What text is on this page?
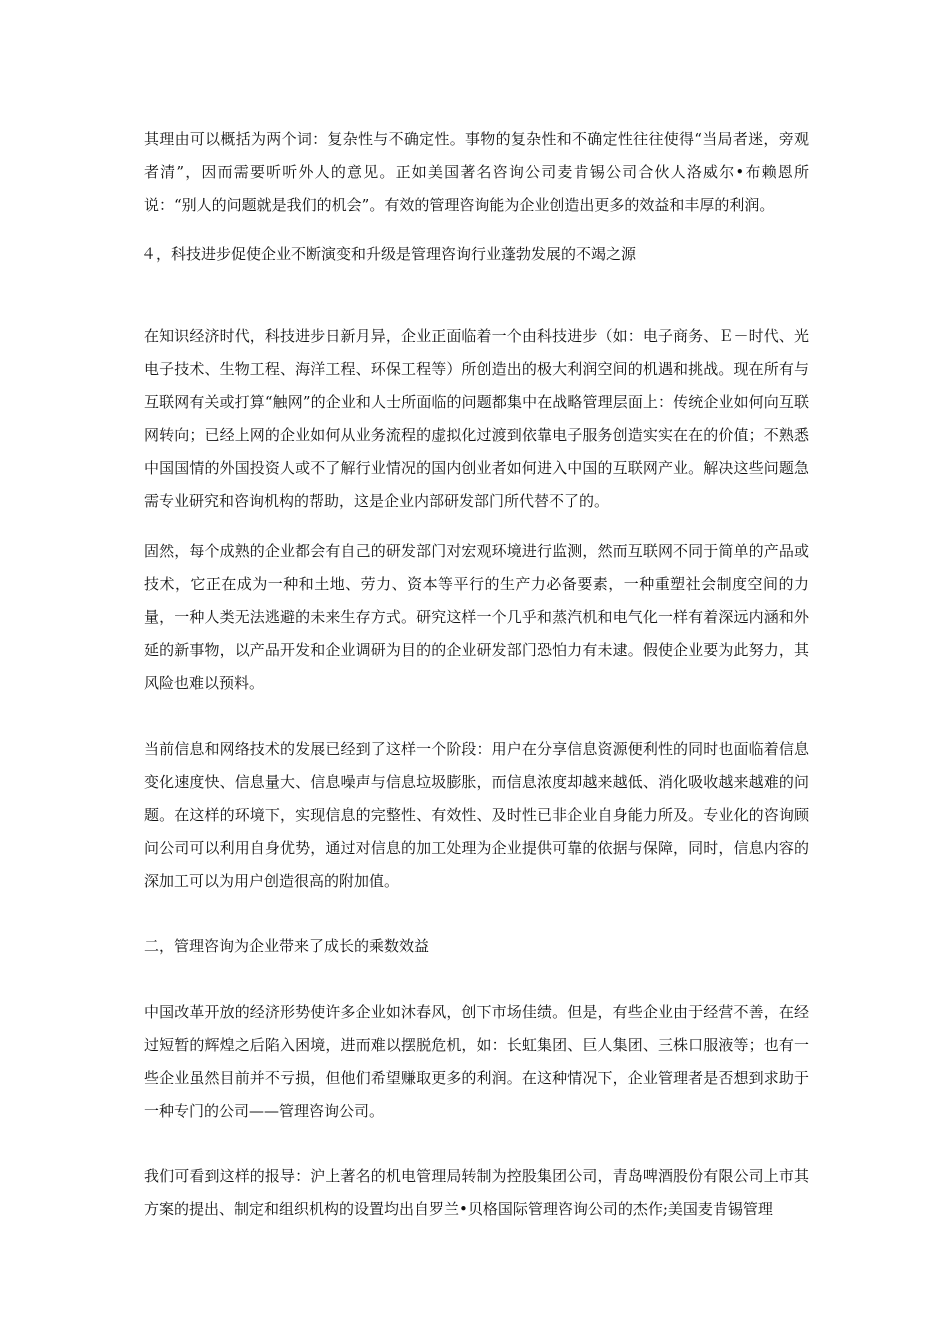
其理由可以概括为两个词：复杂性与不确定性。事物的复杂性和不确定性往往使得“当局者迷，旁观者清”，因而需要听听外人的意见。正如美国著名咨询公司麦肯锡公司合伙人洛威尔•布赖恩所说：“别人的问题就是我们的机会”。有效的管理咨询能为企业创造出更多的效益和丰厚的利润。

４，科技进步促使企业不断演变和升级是管理咨询行业蓬勃发展的不竭之源

在知识经济时代，科技进步日新月异，企业正面临着一个由科技进步（如：电子商务、Ｅ－时代、光电子技术、生物工程、海洋工程、环保工程等）所创造出的极大利润空间的机遇和挑战。现在所有与互联网有关或打算“触网”的企业和人士所面临的问题都集中在战略管理层面上：传统企业如何向互联网转向；已经上网的企业如何从业务流程的虚拟化过渡到依靠电子服务创造实实在在的价值；不熟悉中国国情的外国投资人或不了解行业情况的国内创业者如何进入中国的互联网产业。解决这些问题急需专业研究和咨询机构的帮助，这是企业内部研发部门所代替不了的。

固然，每个成熟的企业都会有自己的研发部门对宏观环境进行监测，然而互联网不同于简单的产品或技术，它正在成为一种和土地、劳力、资本等平行的生产力必备要素，一种重塑社会制度空间的力量，一种人类无法逃避的未来生存方式。研究这样一个几乎和蒸汽机和电气化一样有着深远内涵和外延的新事物，以产品开发和企业调研为目的的企业研发部门恐怕力有未逮。假使企业要为此努力，其风险也难以预料。

当前信息和网络技术的发展已经到了这样一个阶段：用户在分享信息资源便利性的同时也面临着信息变化速度快、信息量大、信息噪声与信息垃圾膨胀，而信息浓度却越来越低、消化吸收越来越难的问题。在这样的环境下，实现信息的完整性、有效性、及时性已非企业自身能力所及。专业化的咨询顾问公司可以利用自身优势，通过对信息的加工处理为企业提供可靠的依据与保障，同时，信息内容的深加工可以为用户创造很高的附加值。

二，管理咨询为企业带来了成长的乘数效益

中国改革开放的经济形势使许多企业如沐春风，创下市场佳绩。但是，有些企业由于经营不善，在经过短暂的辉煌之后陷入困境，进而难以摆脱危机，如：长虹集团、巨人集团、三株口服液等；也有一些企业虽然目前并不亏损，但他们希望赚取更多的利润。在这种情况下，企业管理者是否想到求助于一种专门的公司——管理咨询公司。

我们可看到这样的报导：沪上著名的机电管理局转制为控股集团公司，青岛啤酒股份有限公司上市其方案的提出、制定和组织机构的设置均出自罗兰•贝格国际管理咨询公司的杰作;美国麦肯锡管理
